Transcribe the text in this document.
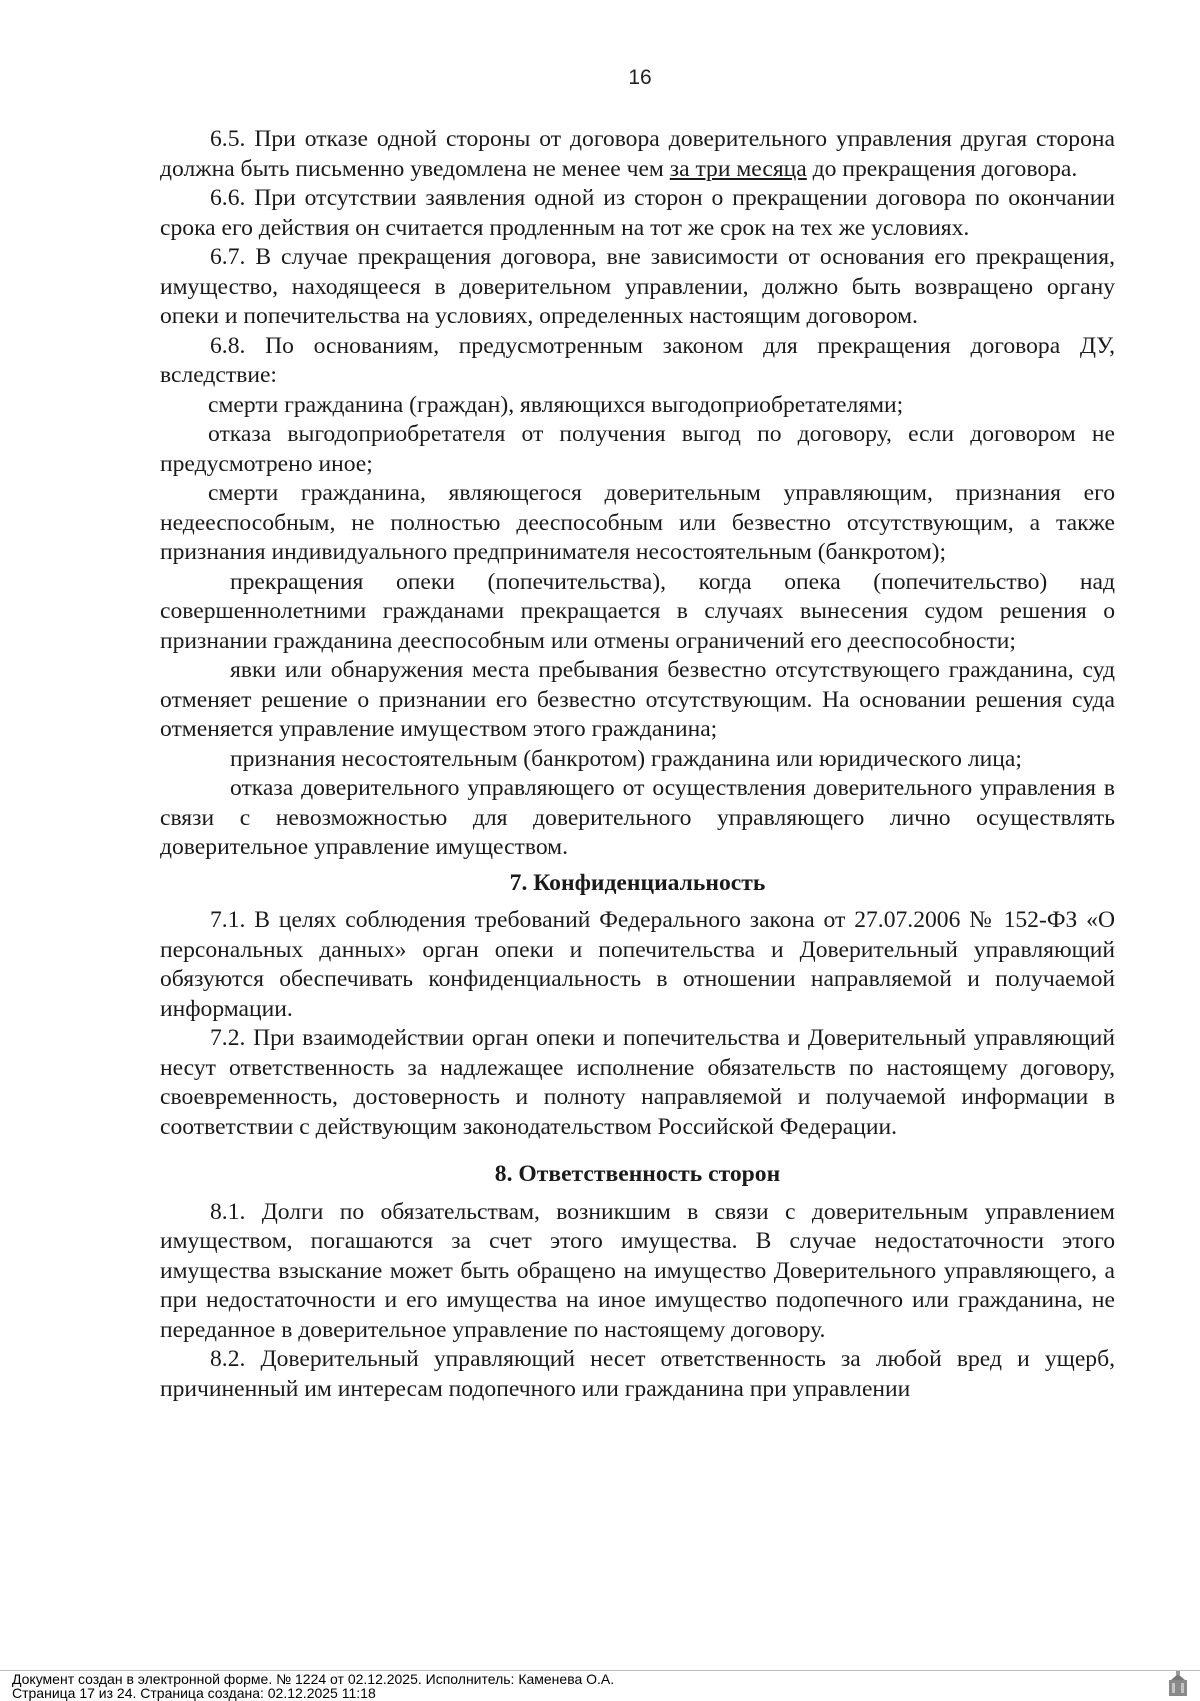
16

6.5. При отказе одной стороны от договора доверительного управления другая сторона должна быть письменно уведомлена не менее чем за три месяца до прекращения договора.

6.6. При отсутствии заявления одной из сторон о прекращении договора по окончании срока его действия он считается продленным на тот же срок на тех же условиях.

6.7. В случае прекращения договора, вне зависимости от основания его прекращения, имущество, находящееся в доверительном управлении, должно быть возвращено органу опеки и попечительства на условиях, определенных настоящим договором.

6.8. По основаниям, предусмотренным законом для прекращения договора ДУ, вследствие:

смерти гражданина (граждан), являющихся выгодоприобретателями;

отказа выгодоприобретателя от получения выгод по договору, если договором не предусмотрено иное;

смерти гражданина, являющегося доверительным управляющим, признания его недееспособным, не полностью дееспособным или безвестно отсутствующим, а также признания индивидуального предпринимателя несостоятельным (банкротом);

прекращения опеки (попечительства), когда опека (попечительство) над совершеннолетними гражданами прекращается в случаях вынесения судом решения о признании гражданина дееспособным или отмены ограничений его дееспособности;

явки или обнаружения места пребывания безвестно отсутствующего гражданина, суд отменяет решение о признании его безвестно отсутствующим. На основании решения суда отменяется управление имуществом этого гражданина;

признания несостоятельным (банкротом) гражданина или юридического лица;

отказа доверительного управляющего от осуществления доверительного управления в связи с невозможностью для доверительного управляющего лично осуществлять доверительное управление имуществом.

7. Конфиденциальность

7.1. В целях соблюдения требований Федерального закона от 27.07.2006 № 152-ФЗ «О персональных данных» орган опеки и попечительства и Доверительный управляющий обязуются обеспечивать конфиденциальность в отношении направляемой и получаемой информации.

7.2. При взаимодействии орган опеки и попечительства и Доверительный управляющий несут ответственность за надлежащее исполнение обязательств по настоящему договору, своевременность, достоверность и полноту направляемой и получаемой информации в соответствии с действующим законодательством Российской Федерации.

8. Ответственность сторон

8.1. Долги по обязательствам, возникшим в связи с доверительным управлением имуществом, погашаются за счет этого имущества. В случае недостаточности этого имущества взыскание может быть обращено на имущество Доверительного управляющего, а при недостаточности и его имущества на иное имущество подопечного или гражданина, не переданное в доверительное управление по настоящему договору.

8.2. Доверительный управляющий несет ответственность за любой вред и ущерб, причиненный им интересам подопечного или гражданина при управлении

Документ создан в электронной форме. № 1224 от 02.12.2025. Исполнитель: Каменева О.А.
Страница 17 из 24. Страница создана: 02.12.2025 11:18
